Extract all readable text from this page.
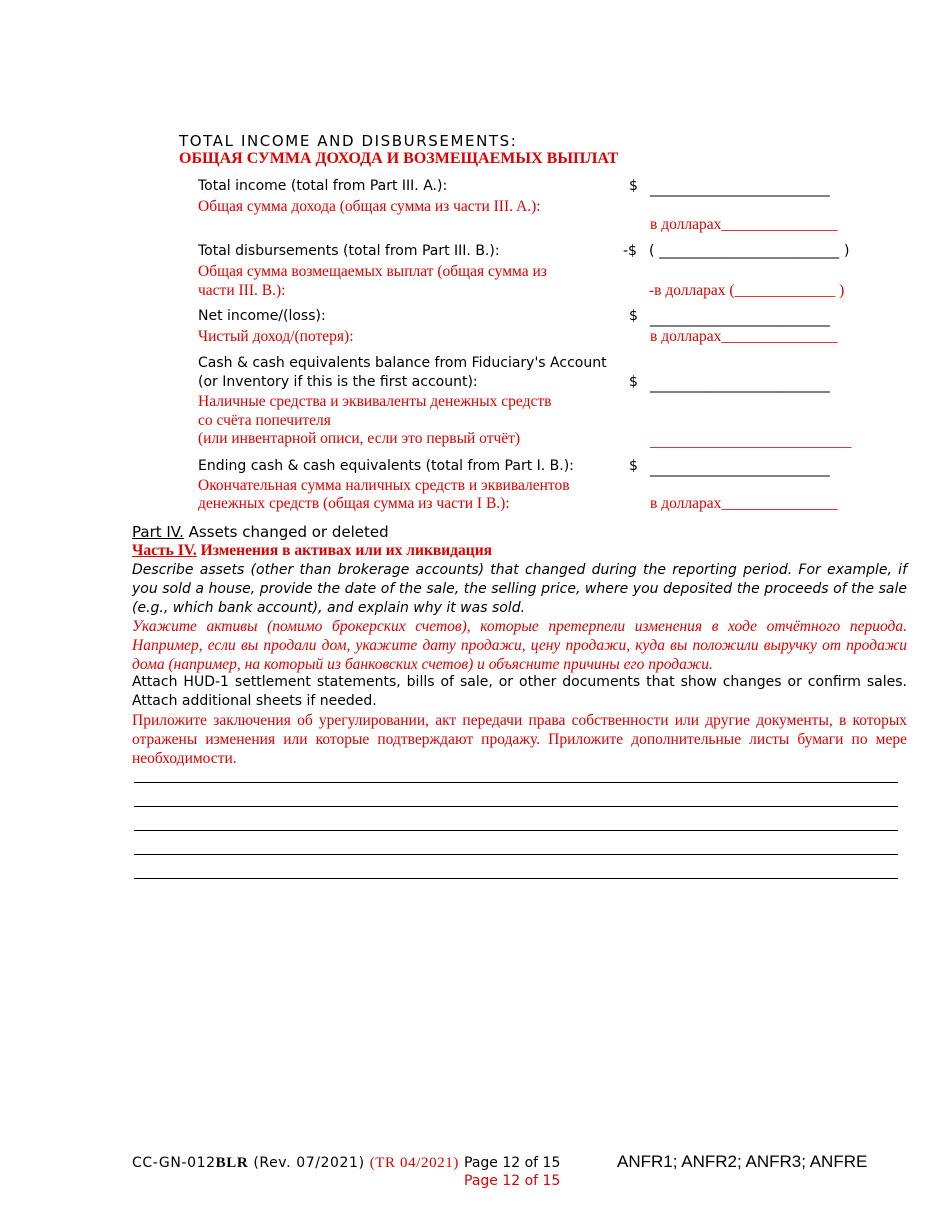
TOTAL INCOME AND DISBURSEMENTS:
ОБЩАЯ СУММА ДОХОДА И ВОЗМЕЩАЕМЫХ ВЫПЛАТ
Total income (total from Part III. A.):
Общая сумма дохода (общая сумма из части III. A.):
$ _________________________
в долларах_______________
Total disbursements (total from Part III. B.):
Общая сумма возмещаемых выплат (общая сумма из
части III. B.):
-$ ( _________________________ )
-в долларах (_____________ )
Net income/(loss):
Чистый доход/(потеря):
$ _________________________
в долларах_______________
Cash & cash equivalents balance from Fiduciary's Account
(or Inventory if this is the first account):
Наличные средства и эквиваленты денежных средств
со счёта попечителя
(или инвентарной описи, если это первый отчёт)
$ _________________________
__________________________
Ending cash & cash equivalents (total from Part I. B.):
Окончательная сумма наличных средств и эквивалентов
денежных средств (общая сумма из части I B.):
$ _________________________
в долларах_______________
Part IV. Assets changed or deleted
Часть IV. Изменения в активах или их ликвидация
Describe assets (other than brokerage accounts) that changed during the reporting period. For example, if you sold a house, provide the date of the sale, the selling price, where you deposited the proceeds of the sale (e.g., which bank account), and explain why it was sold.
Укажите активы (помимо брокерских счетов), которые претерпели изменения в ходе отчётного периода. Например, если вы продали дом, укажите дату продажи, цену продажи, куда вы положили выручку от продажи дома (например, на который из банковских счетов) и объясните причины его продажи.
Attach HUD-1 settlement statements, bills of sale, or other documents that show changes or confirm sales. Attach additional sheets if needed.
Приложите заключения об урегулировании, акт передачи права собственности или другие документы, в которых отражены изменения или которые подтверждают продажу. Приложите дополнительные листы бумаги по мере необходимости.
CC-GN-012BLR (Rev. 07/2021) (TR 04/2021) Page 12 of 15
Page 12 of 15
ANFR1; ANFR2; ANFR3; ANFRE
